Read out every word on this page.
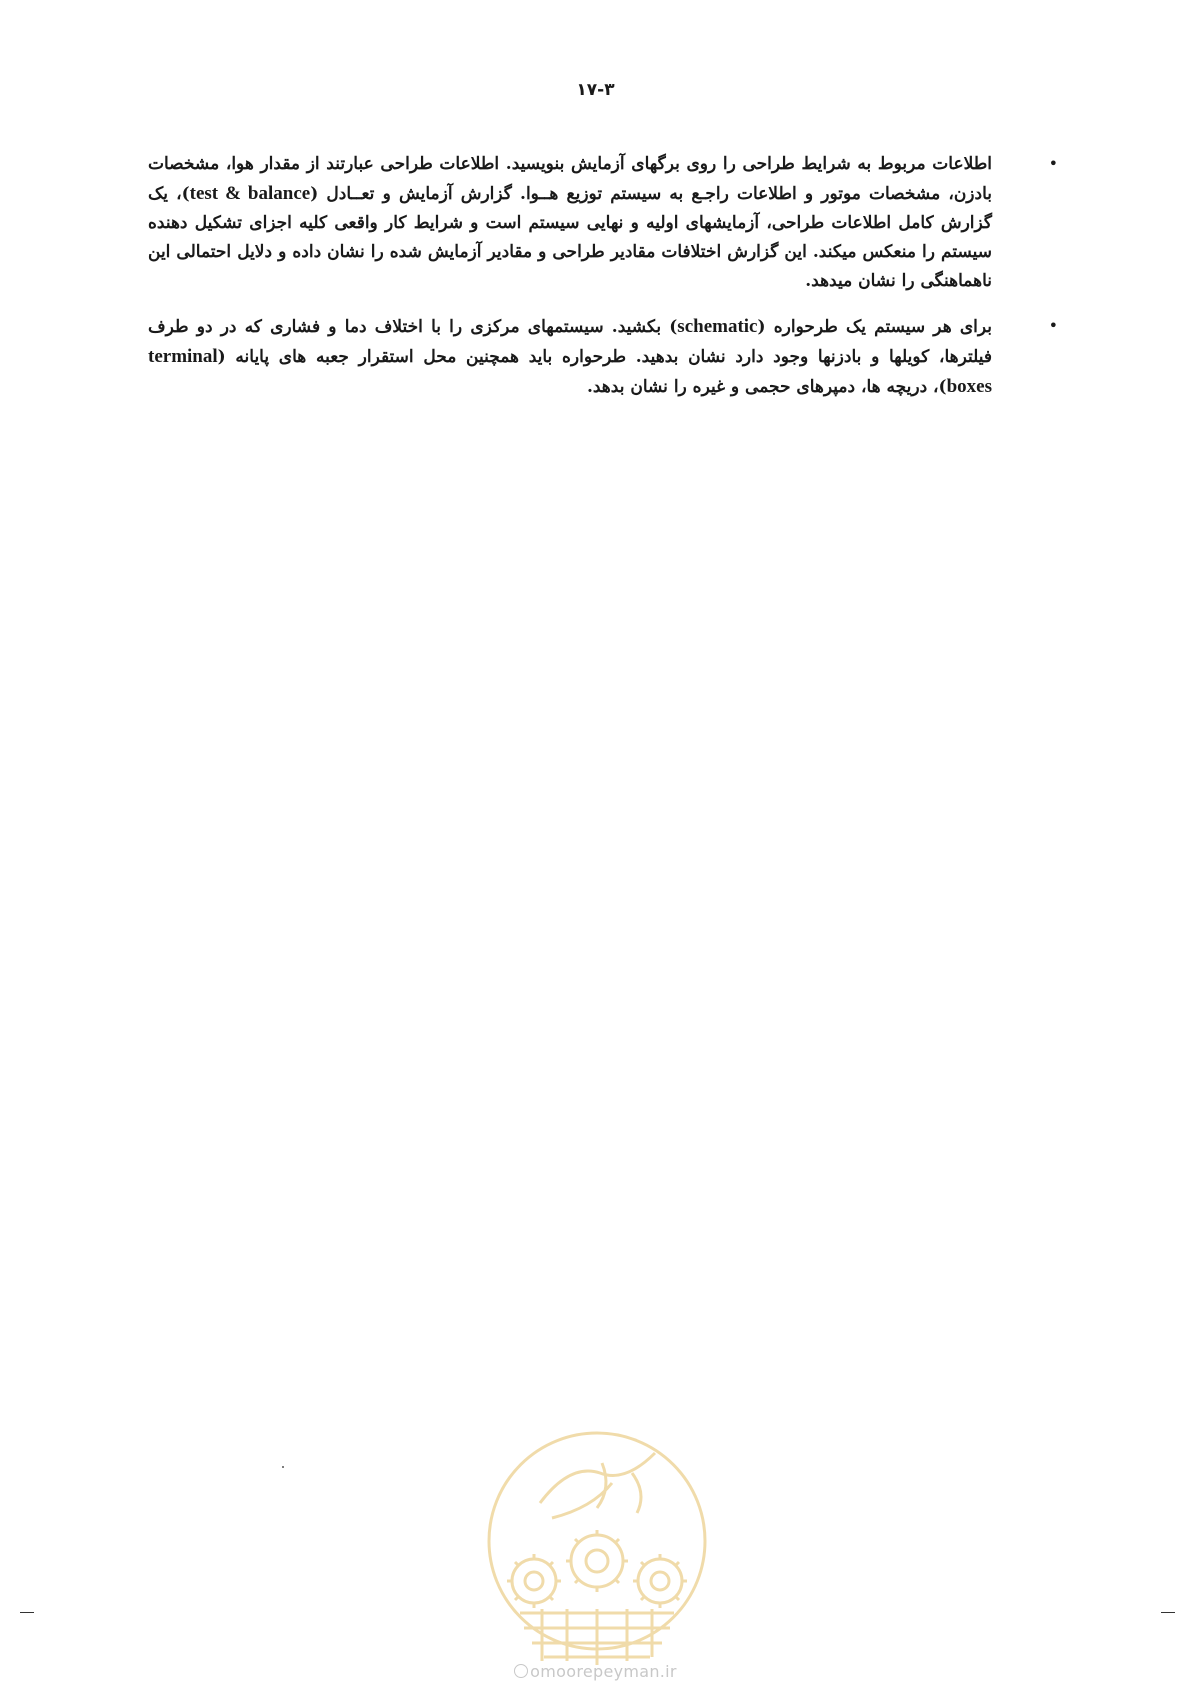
۱۷-۳
•
اطلاعات مربوط به شرایط طراحی را روی برگهای آزمایش بنویسید. اطلاعات طراحی عبارتند از مقدار هوا، مشخصات بادزن، مشخصات موتور و اطلاعات راجـع به سیستم توزیع هــوا. گزارش آزمایش و تعــادل (test & balance)، یک گزارش کامل اطلاعات طراحی، آزمایشهای اولیه و نهایی سیستم است و شرایط کار واقعی کلیه اجزای تشکیل دهنده سیستم را منعکس میکند. این گزارش اختلافات مقادیر طراحی و مقادیر آزمایش شده را نشان داده و دلایل احتمالی این ناهماهنگی را نشان میدهد.
•
برای هر سیستم یک طرحواره (schematic) بکشید. سیستمهای مرکزی را با اختلاف دما و فشاری که در دو طرف فیلترها، کویلها و بادزنها وجود دارد نشان بدهید. طرحواره باید همچنین محل استقرار جعبه های پایانه (terminal boxes)، دریچه ها، دمپرهای حجمی و غیره را نشان بدهد.
omoorepeyman.ir
